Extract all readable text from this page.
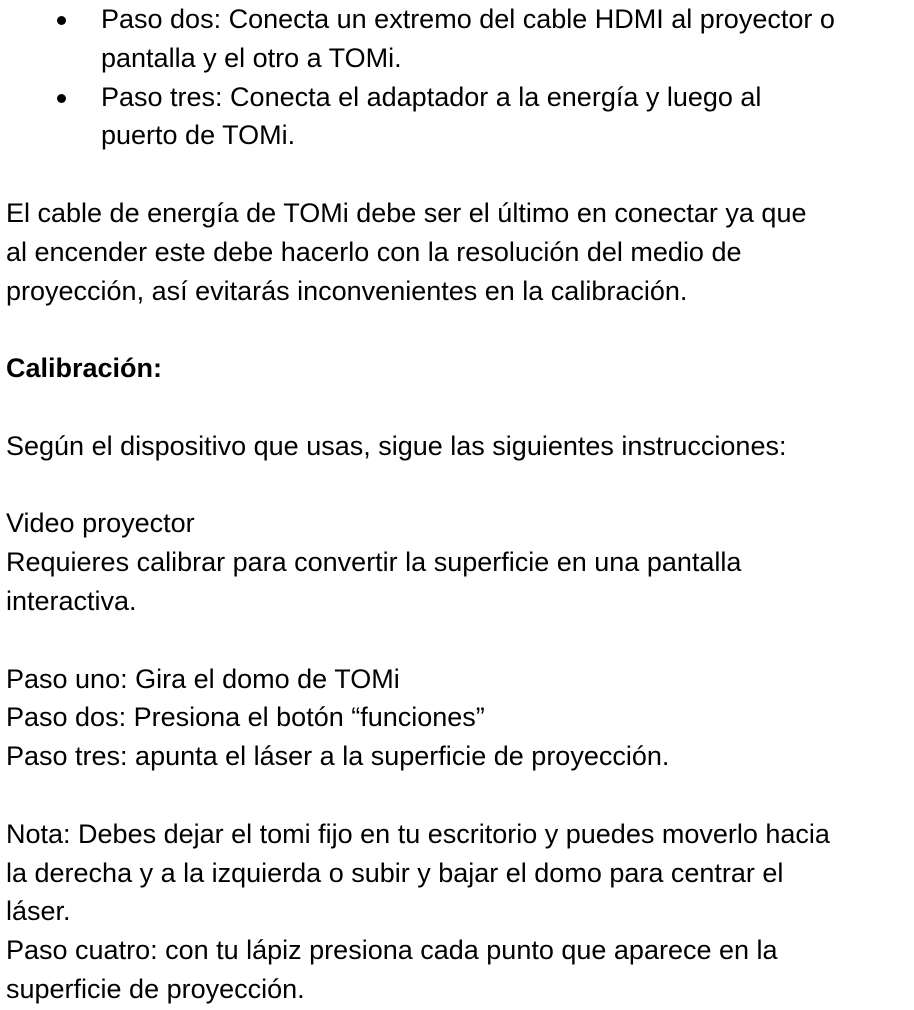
Paso dos: Conecta un extremo del cable HDMI al proyector o
pantalla y el otro a TOMi.
Paso tres: Conecta el adaptador a la energía y luego al
puerto de TOMi.
El cable de energía de TOMi debe ser el último en conectar ya que
al encender este debe hacerlo con la resolución del medio de
proyección, así evitarás inconvenientes en la calibración.
Calibración:
Según el dispositivo que usas, sigue las siguientes instrucciones:
Video proyector
Requieres calibrar para convertir la superficie en una pantalla
interactiva.
Paso uno: Gira el domo de TOMi
Paso dos: Presiona el botón “funciones”
Paso tres: apunta el láser a la superficie de proyección.
Nota: Debes dejar el tomi fijo en tu escritorio y puedes moverlo hacia
la derecha y a la izquierda o subir y bajar el domo para centrar el
láser.
Paso cuatro: con tu lápiz presiona cada punto que aparece en la
superficie de proyección.
